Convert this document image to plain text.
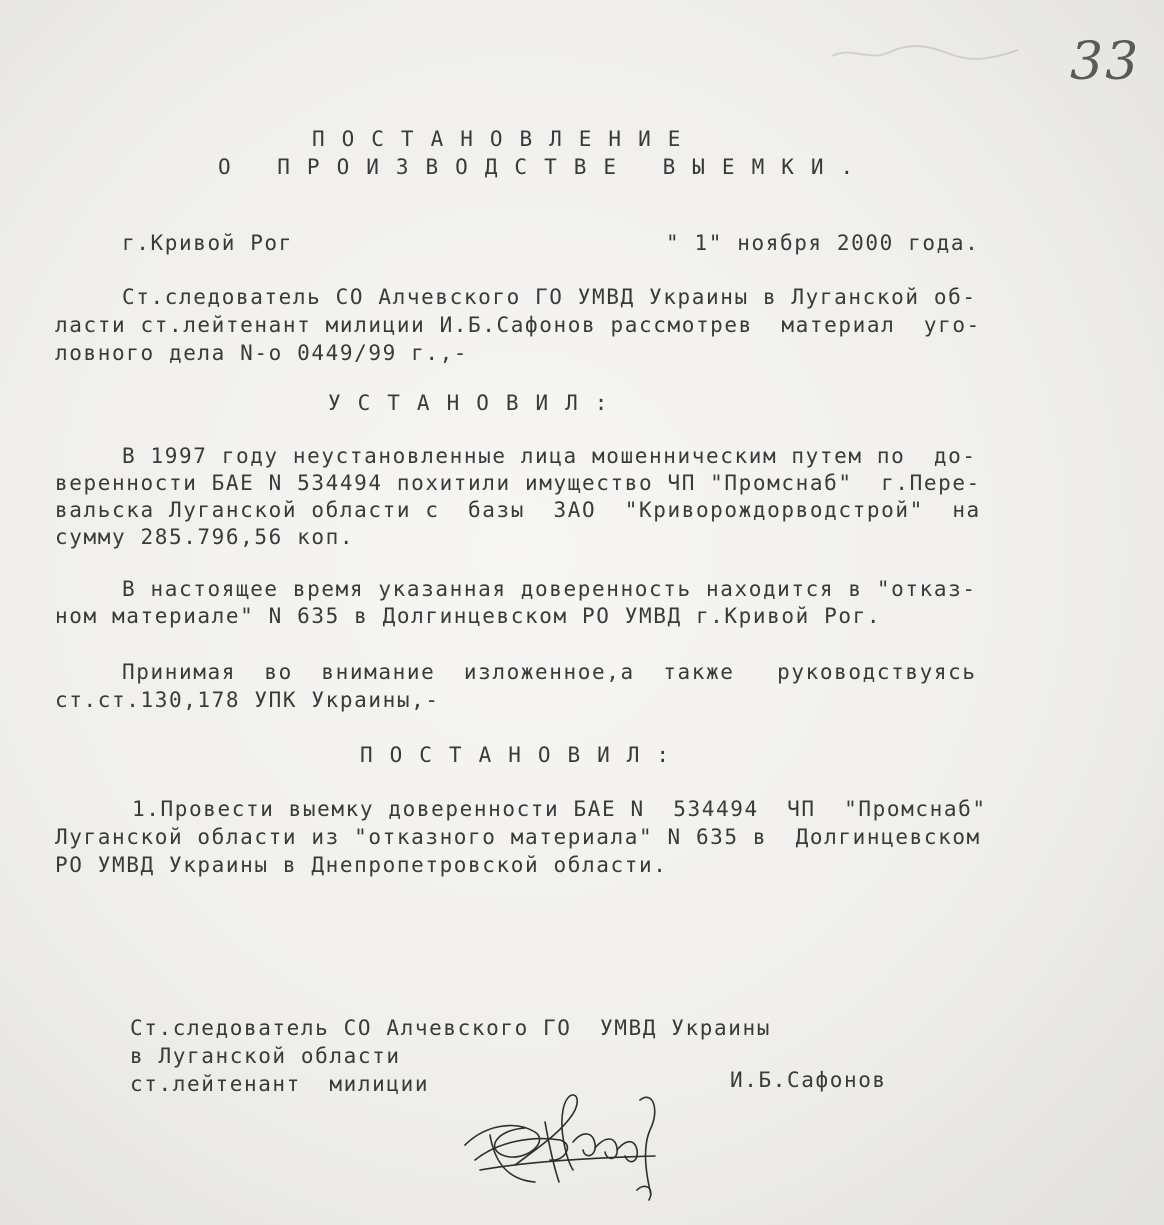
33
ПОСТАНОВЛЕНИЕ
О ПРОИЗВОДСТВЕ ВЫЕМКИ.
г.Кривой Рог	" 1" ноября 2000 года.
Ст.следователь СО Алчевского ГО УМВД Украины в Луганской об-
ласти ст.лейтенант милиции И.Б.Сафонов рассмотрев  материал  уго-
ловного дела N-о 0449/99 г.,-
УСТАНОВИЛ:
В 1997 году неустановленные лица мошенническим путем по  до-
веренности БАЕ N 534494 похитили имущество ЧП "Промснаб"  г.Пере-
вальска Луганской области с  базы  ЗАО  "Криворождорводстрой"  на
сумму 285.796,56 коп.
В настоящее время указанная доверенность находится в "отказ-
ном материале" N 635 в Долгинцевском РО УМВД г.Кривой Рог.
Принимая  во  внимание  изложенное,а  также   руководствуясь
ст.ст.130,178 УПК Украины,-
ПОСТАНОВИЛ:
1.Провести выемку доверенности БАЕ N  534494  ЧП  "Промснаб"
Луганской области из "отказного материала" N 635 в  Долгинцевском
РО УМВД Украины в Днепропетровской области.
Ст.следователь СО Алчевского ГО  УМВД Украины
в Луганской области
ст.лейтенант  милиции	И.Б.Сафонов
